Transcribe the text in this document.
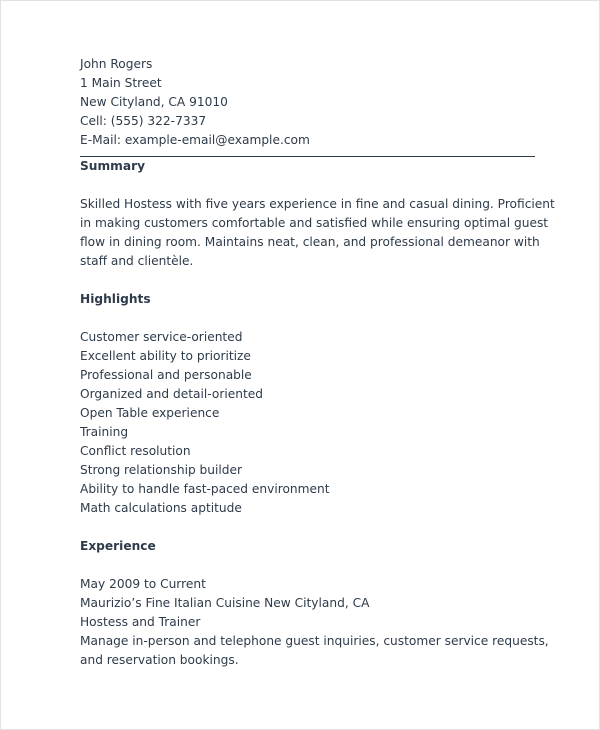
John Rogers
1 Main Street
New Cityland, CA 91010
Cell: (555) 322-7337
E-Mail: example-email@example.com
Summary
Skilled Hostess with five years experience in fine and casual dining. Proficient
in making customers comfortable and satisfied while ensuring optimal guest
flow in dining room. Maintains neat, clean, and professional demeanor with
staff and clientèle.
Highlights
Customer service-oriented
Excellent ability to prioritize
Professional and personable
Organized and detail-oriented
Open Table experience
Training
Conflict resolution
Strong relationship builder
Ability to handle fast-paced environment
Math calculations aptitude
Experience
May 2009 to Current
Maurizio’s Fine Italian Cuisine New Cityland, CA
Hostess and Trainer
Manage in-person and telephone guest inquiries, customer service requests,
and reservation bookings.
